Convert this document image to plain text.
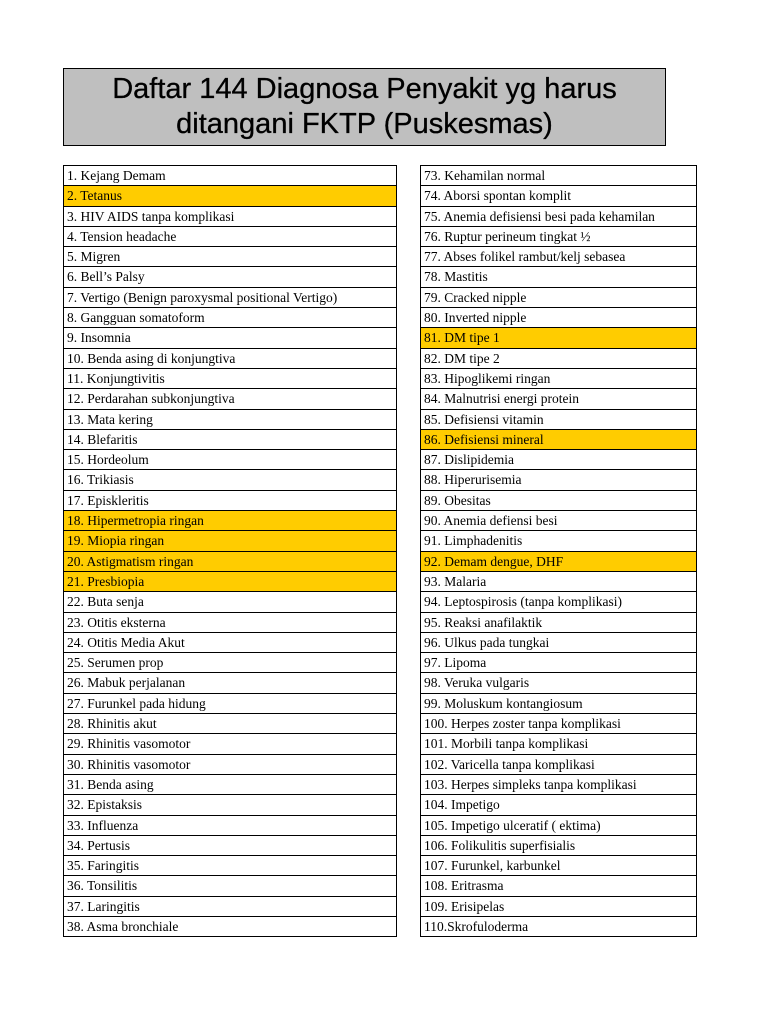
Daftar 144 Diagnosa Penyakit yg harus
ditangani FKTP (Puskesmas)
1. Kejang Demam
2. Tetanus
3. HIV AIDS tanpa komplikasi
4. Tension headache
5. Migren
6. Bell’s Palsy
7. Vertigo (Benign paroxysmal positional Vertigo)
8. Gangguan somatoform
9. Insomnia
10. Benda asing di konjungtiva
11. Konjungtivitis
12. Perdarahan subkonjungtiva
13. Mata kering
14. Blefaritis
15. Hordeolum
16. Trikiasis
17. Episkleritis
18. Hipermetropia ringan
19. Miopia ringan
20. Astigmatism ringan
21. Presbiopia
22. Buta senja
23. Otitis eksterna
24. Otitis Media Akut
25. Serumen prop
26. Mabuk perjalanan
27. Furunkel pada hidung
28. Rhinitis akut
29. Rhinitis vasomotor
30. Rhinitis vasomotor
31. Benda asing
32. Epistaksis
33. Influenza
34. Pertusis
35. Faringitis
36. Tonsilitis
37. Laringitis
38. Asma bronchiale
73. Kehamilan normal
74. Aborsi spontan komplit
75. Anemia defisiensi besi pada kehamilan
76. Ruptur perineum tingkat ½
77. Abses folikel rambut/kelj sebasea
78. Mastitis
79. Cracked nipple
80. Inverted nipple
81. DM tipe 1
82. DM tipe 2
83. Hipoglikemi ringan
84. Malnutrisi energi protein
85. Defisiensi vitamin
86. Defisiensi mineral
87. Dislipidemia
88. Hiperurisemia
89. Obesitas
90. Anemia defiensi besi
91. Limphadenitis
92. Demam dengue, DHF
93. Malaria
94. Leptospirosis (tanpa komplikasi)
95. Reaksi anafilaktik
96. Ulkus pada tungkai
97. Lipoma
98. Veruka vulgaris
99. Moluskum kontangiosum
100. Herpes zoster tanpa komplikasi
101. Morbili tanpa komplikasi
102. Varicella tanpa komplikasi
103. Herpes simpleks tanpa komplikasi
104. Impetigo
105. Impetigo ulceratif ( ektima)
106. Folikulitis superfisialis
107. Furunkel, karbunkel
108. Eritrasma
109. Erisipelas
110.Skrofuloderma
